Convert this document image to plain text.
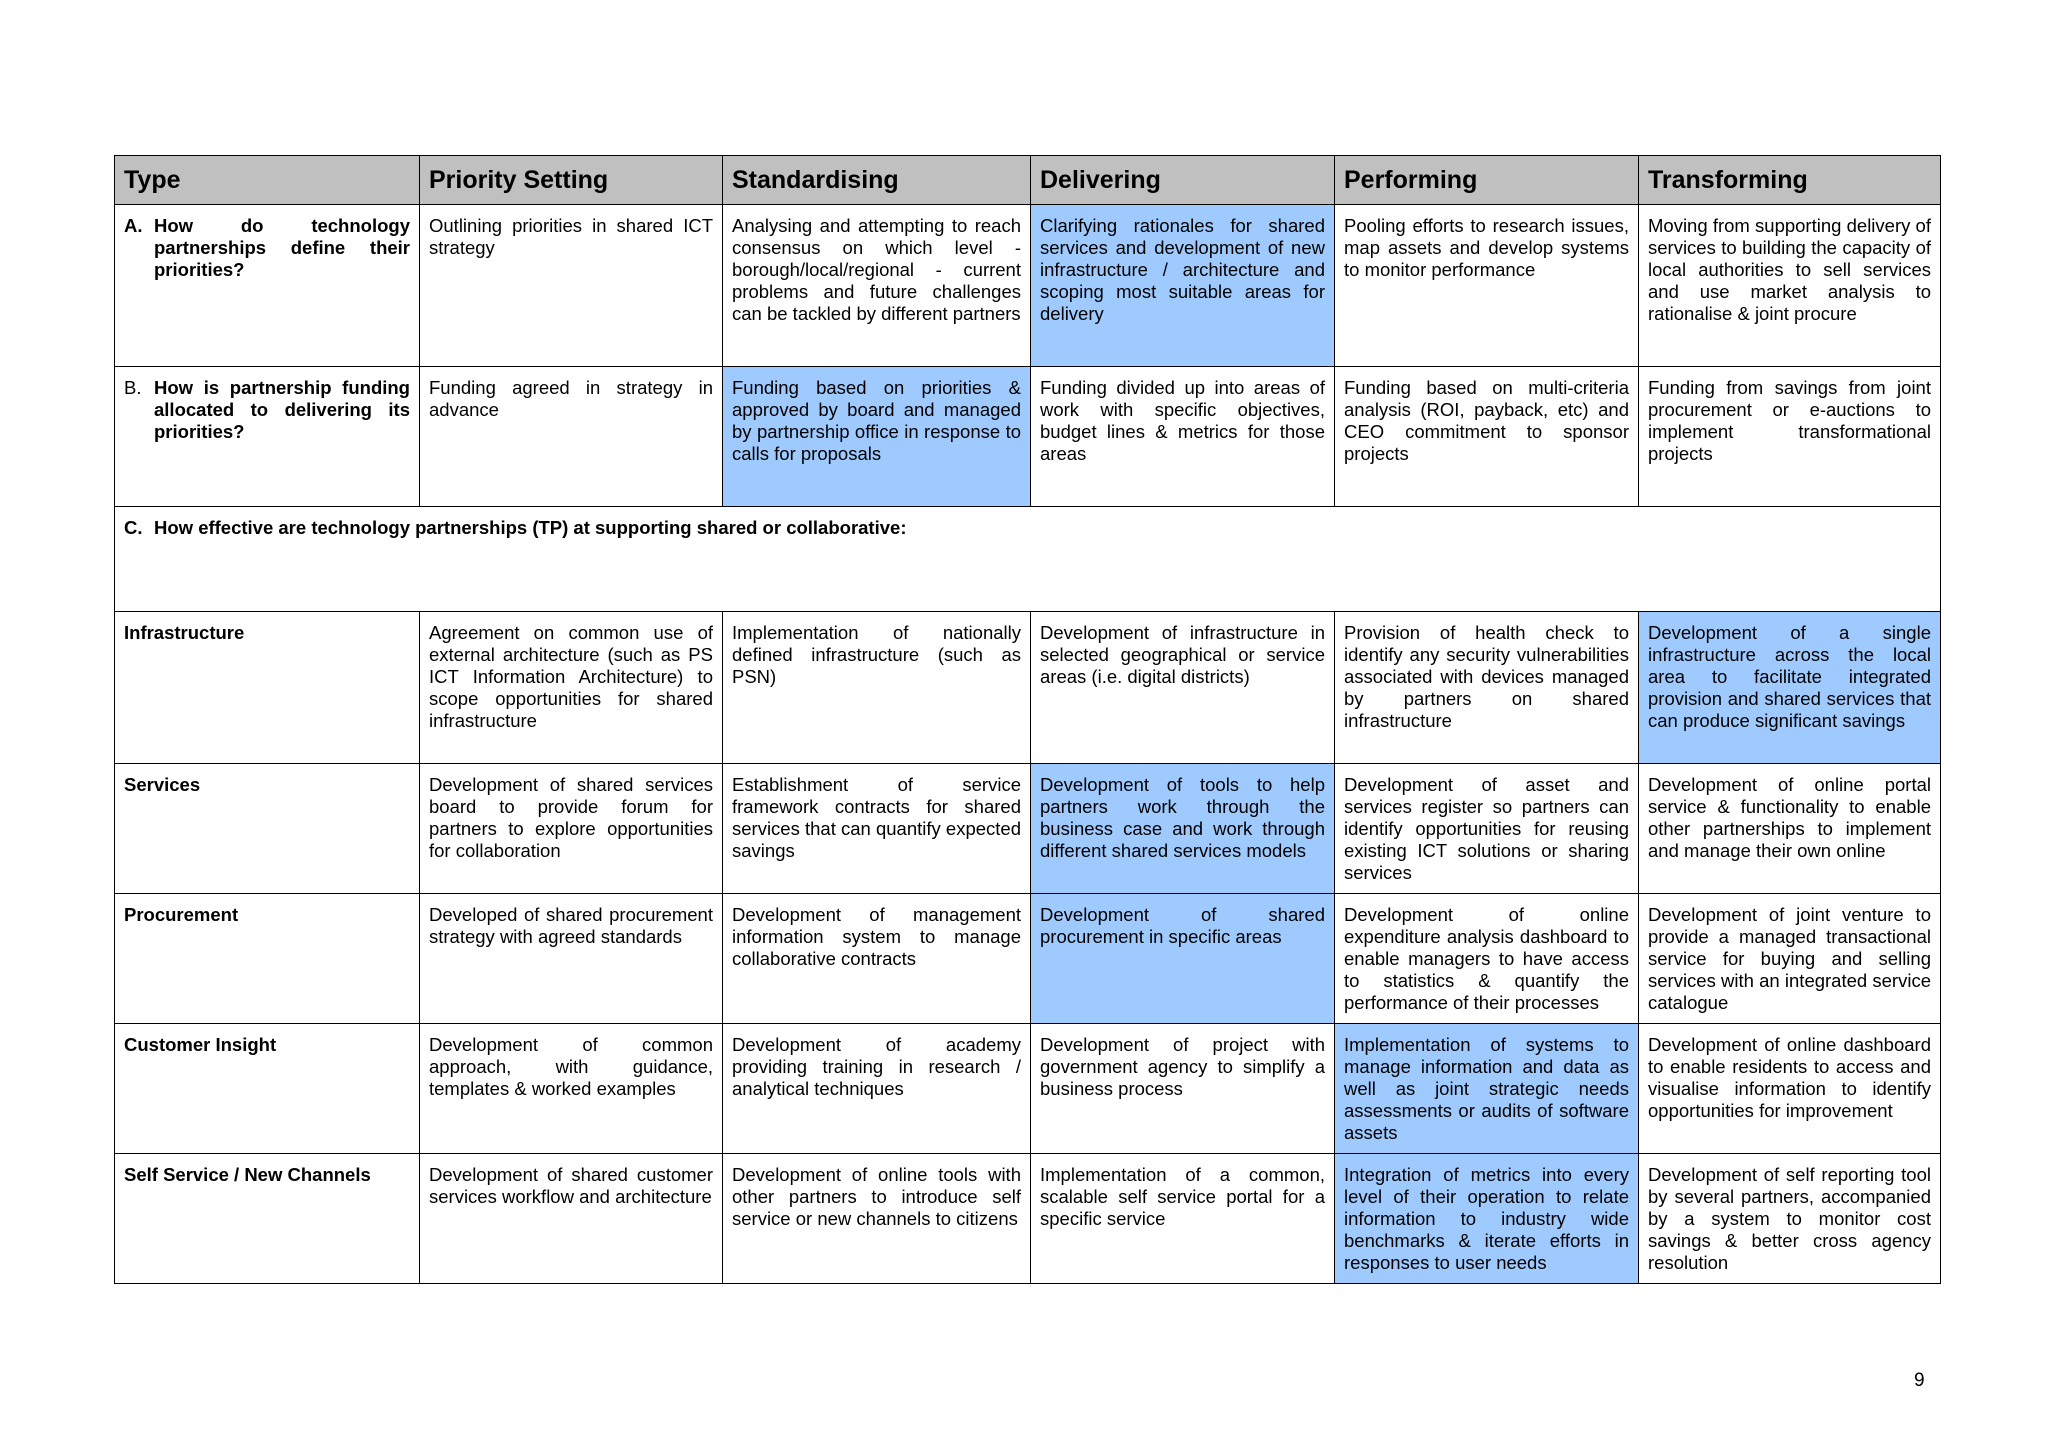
Type	Priority Setting	Standardising	Delivering	Performing	Transforming

A. How do technology partnerships define their priorities?	Outlining priorities in shared ICT strategy	Analysing and attempting to reach consensus on which level - borough/local/regional - current problems and future challenges can be tackled by different partners	Clarifying rationales for shared services and development of new infrastructure / architecture and scoping most suitable areas for delivery	Pooling efforts to research issues, map assets and develop systems to monitor performance	Moving from supporting delivery of services to building the capacity of local authorities to sell services and use market analysis to rationalise & joint procure

B. How is partnership funding allocated to delivering its priorities?	Funding agreed in strategy in advance	Funding based on priorities & approved by board and managed by partnership office in response to calls for proposals	Funding divided up into areas of work with specific objectives, budget lines & metrics for those areas	Funding based on multi-criteria analysis (ROI, payback, etc) and CEO commitment to sponsor projects	Funding from savings from joint procurement or e-auctions to implement transformational projects

C. How effective are technology partnerships (TP) at supporting shared or collaborative:					

Infrastructure	Agreement on common use of external architecture (such as PS ICT Information Architecture) to scope opportunities for shared infrastructure	Implementation of nationally defined infrastructure (such as PSN)	Development of infrastructure in selected geographical or service areas (i.e. digital districts)	Provision of health check to identify any security vulnerabilities associated with devices managed by partners on shared infrastructure	Development of a single infrastructure across the local area to facilitate integrated provision and shared services that can produce significant savings
Services	Development of shared services board to provide forum for partners to explore opportunities for collaboration	Establishment of service framework contracts for shared services that can quantify expected savings	Development of tools to help partners work through the business case and work through different shared services models	Development of asset and services register so partners can identify opportunities for reusing existing ICT solutions or sharing services	Development of online portal service & functionality to enable other partnerships to implement and manage their own online
Procurement	Developed of shared procurement strategy with agreed standards	Development of management information system to manage collaborative contracts	Development of shared procurement in specific areas	Development of online expenditure analysis dashboard to enable managers to have access to statistics & quantify the performance of their processes	Development of joint venture to provide a managed transactional service for buying and selling services with an integrated service catalogue
Customer Insight	Development of common approach, with guidance, templates & worked examples	Development of academy providing training in research / analytical techniques	Development of project with government agency to simplify a business process	Implementation of systems to manage information and data as well as joint strategic needs assessments or audits of software assets	Development of online dashboard to enable residents to access and visualise information to identify opportunities for improvement
Self Service / New Channels	Development of shared customer services workflow and architecture	Development of online tools with other partners to introduce self service or new channels to citizens	Implementation of a common, scalable self service portal for a specific service	Integration of metrics into every level of their operation to relate information to industry wide benchmarks & iterate efforts in responses to user needs	Development of self reporting tool by several partners, accompanied by a system to monitor cost savings & better cross agency resolution
9
